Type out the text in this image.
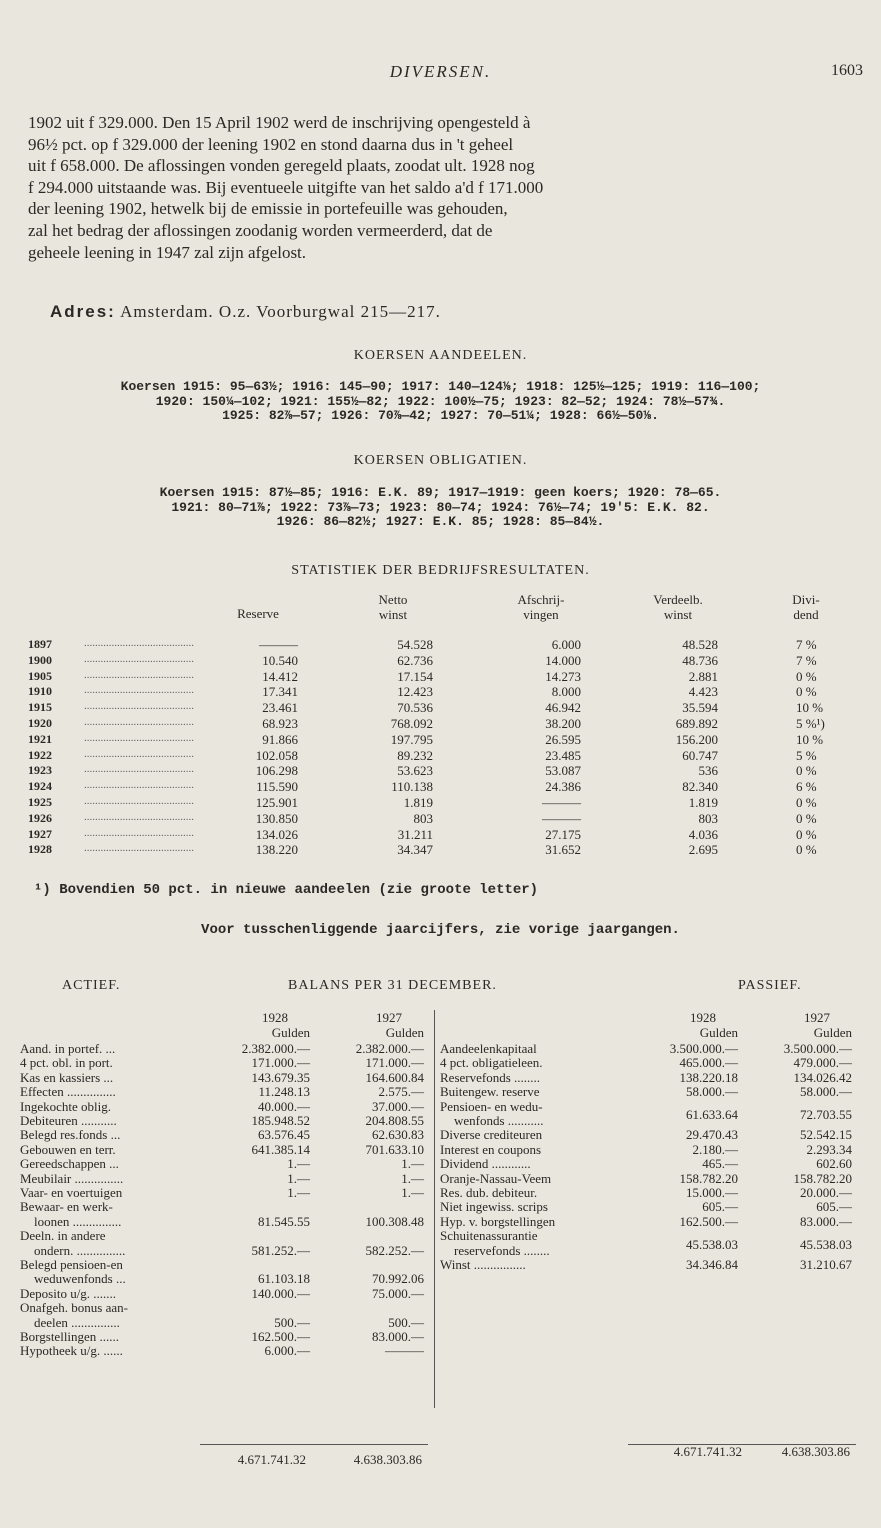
DIVERSEN.	1603
1902 uit f 329.000. Den 15 April 1902 werd de inschrijving opengesteld à
96½ pct. op f 329.000 der leening 1902 en stond daarna dus in 't geheel
uit f 658.000. De aflossingen vonden geregeld plaats, zoodat ult. 1928 nog
f 294.000 uitstaande was. Bij eventueele uitgifte van het saldo a'd f 171.000
der leening 1902, hetwelk bij de emissie in portefeuille was gehouden,
zal het bedrag der aflossingen zoodanig worden vermeerderd, dat de
geheele leening in 1947 zal zijn afgelost.
Adres: Amsterdam. O.z. Voorburgwal 215—217.
KOERSEN AANDEELEN.
Koersen 1915: 95—63½; 1916: 145—90; 1917: 140—124⅛; 1918: 125½—125; 1919: 116—100;
1920: 150¼—102; 1921: 155½—82; 1922: 100½—75; 1923: 82—52; 1924: 78½—57¾.
1925: 82⅞—57; 1926: 70⅞—42; 1927: 70—51¼; 1928: 66½—50⅛.
KOERSEN OBLIGATIEN.
Koersen 1915: 87½—85; 1916: E.K. 89; 1917—1919: geen koers; 1920: 78—65.
1921: 80—71⅞; 1922: 73⅞—73; 1923: 80—74; 1924: 76½—74; 19'5: E.K. 82.
1926: 86—82½; 1927: E.K. 85; 1928: 85—84½.
STATISTIEK DER BEDRIJFSRESULTATEN.
Reserve
Netto
winst
Afschrij-
vingen
Verdeelb.
winst
Divi-
dend
1897	........................................	———	54.528	6.000	48.528	7 %
1900	........................................	10.540	62.736	14.000	48.736	7 %
1905	........................................	14.412	17.154	14.273	2.881	0 %
1910	........................................	17.341	12.423	8.000	4.423	0 %
1915	........................................	23.461	70.536	46.942	35.594	10 %
1920	........................................	68.923	768.092	38.200	689.892	5 %¹)
1921	........................................	91.866	197.795	26.595	156.200	10 %
1922	........................................	102.058	89.232	23.485	60.747	5 %
1923	........................................	106.298	53.623	53.087	536	0 %
1924	........................................	115.590	110.138	24.386	82.340	6 %
1925	........................................	125.901	1.819	———	1.819	0 %
1926	........................................	130.850	803	———	803	0 %
1927	........................................	134.026	31.211	27.175	4.036	0 %
1928	........................................	138.220	34.347	31.652	2.695	0 %
¹) Bovendien 50 pct. in nieuwe aandeelen (zie groote letter)
Voor tusschenliggende jaarcijfers, zie vorige jaargangen.
ACTIEF.	BALANS PER 31 DECEMBER.	PASSIEF.
1928
Gulden
1927
Gulden
Aand. in portef. ...	2.382.000.—	2.382.000.—
4 pct. obl. in port.	171.000.—	171.000.—
Kas en kassiers ...	143.679.35	164.600.84
Effecten ...............	11.248.13	2.575.—
Ingekochte oblig.	40.000.—	37.000.—
Debiteuren ...........	185.948.52	204.808.55
Belegd res.fonds ...	63.576.45	62.630.83
Gebouwen en terr.	641.385.14	701.633.10
Gereedschappen ...	1.—	1.—
Meubilair ...............	1.—	1.—
Vaar- en voertuigen	1.—	1.—
Bewaar- en werk-
loonen ...............	81.545.55	100.308.48
Deeln. in andere
ondern. ...............	581.252.—	582.252.—
Belegd pensioen-en
weduwenfonds ...	61.103.18	70.992.06
Deposito u/g. .......	140.000.—	75.000.—
Onafgeh. bonus aan-
deelen ...............	500.—	500.—
Borgstellingen ......	162.500.—	83.000.—
Hypotheek u/g. ......	6.000.—	———
1928
Gulden
1927
Gulden
Aandeelenkapitaal	3.500.000.—	3.500.000.—
4 pct. obligatieleen.	465.000.—	479.000.—
Reservefonds ........	138.220.18	134.026.42
Buitengew. reserve	58.000.—	58.000.—
Pensioen- en wedu-
wenfonds ...........	61.633.64	72.703.55
Diverse crediteuren	29.470.43	52.542.15
Interest en coupons	2.180.—	2.293.34
Dividend ............	465.—	602.60
Oranje-Nassau-Veem	158.782.20	158.782.20
Res. dub. debiteur.	15.000.—	20.000.—
Niet ingewiss. scrips	605.—	605.—
Hyp. v. borgstellingen	162.500.—	83.000.—
Schuitenassurantie
reservefonds ........	45.538.03	45.538.03
Winst ................	34.346.84	31.210.67
4.671.741.32	4.638.303.86
4.671.741.32	4.638.303.86
